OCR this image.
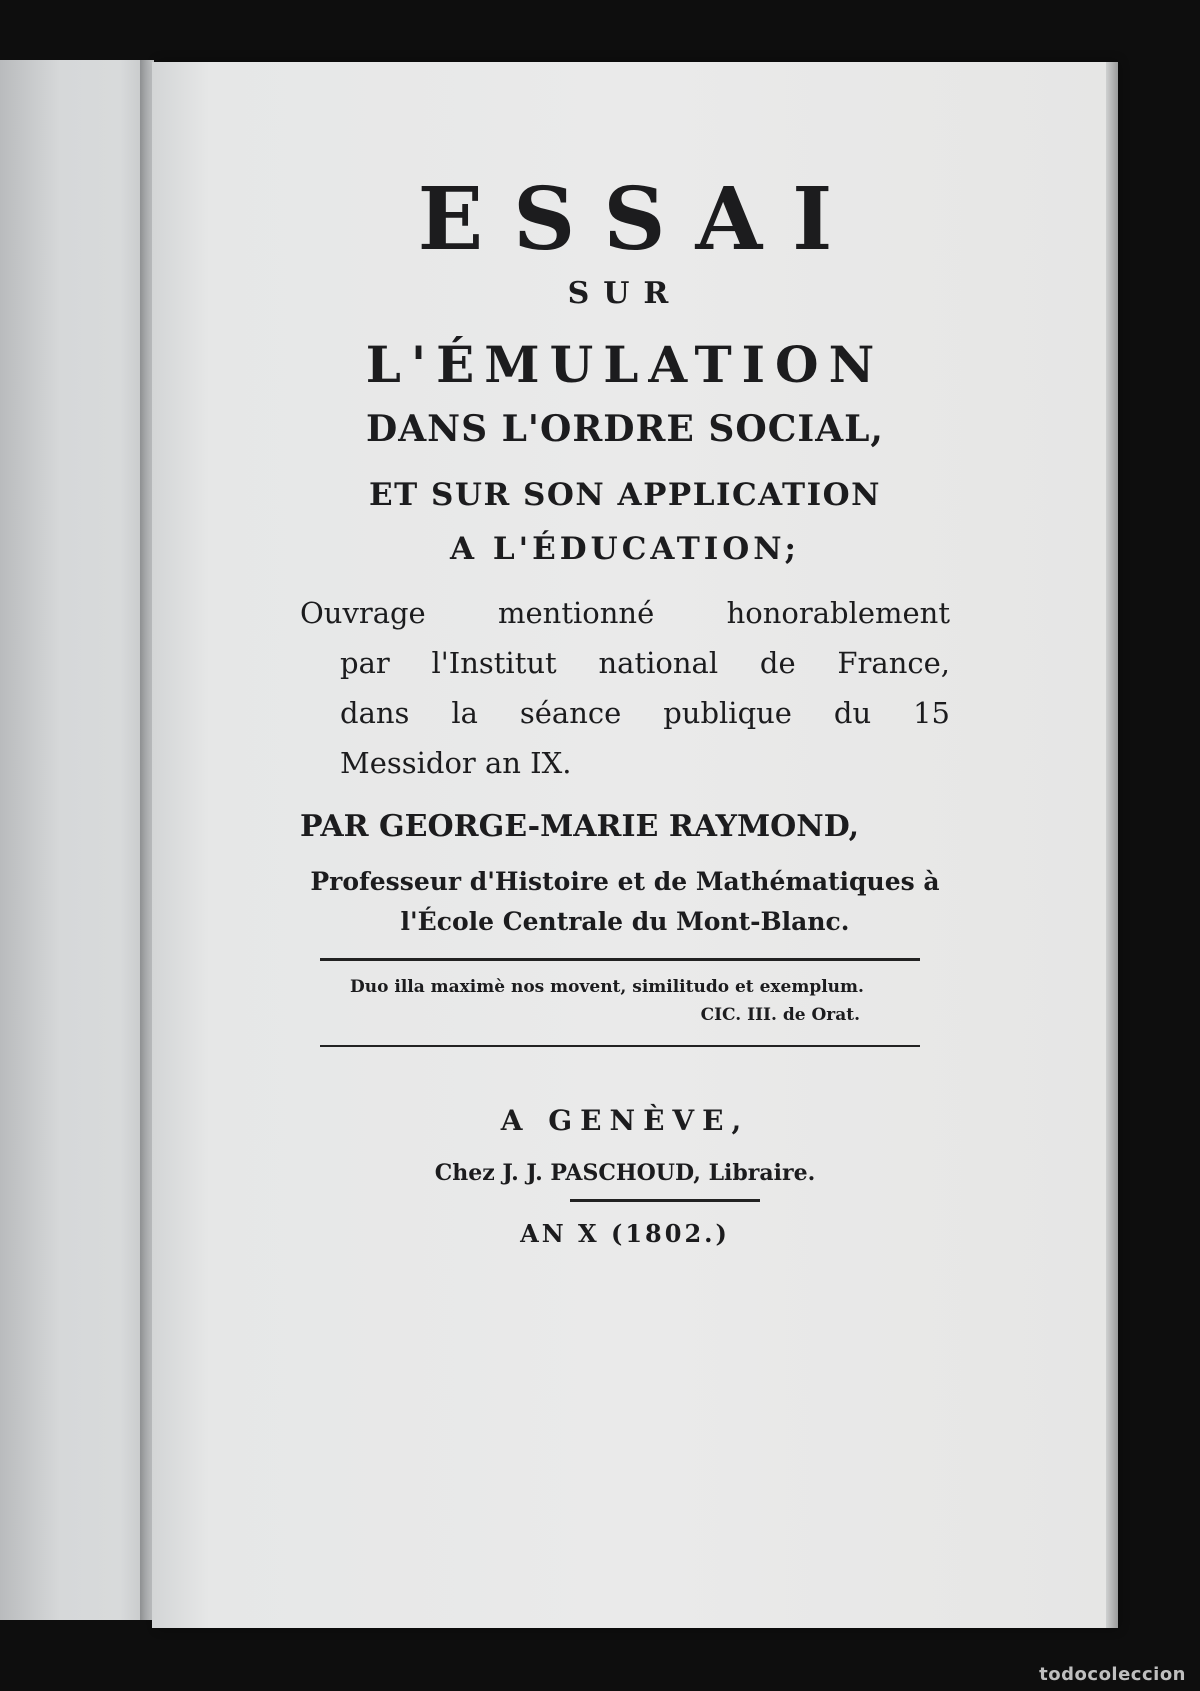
ESSAI
SUR
L'ÉMULATION
DANS L'ORDRE SOCIAL,
ET SUR SON APPLICATION
A L'ÉDUCATION;
Ouvrage mentionné honorablement
par l'Institut national de France,
dans la séance publique du 15
Messidor an IX.
PAR GEORGE-MARIE RAYMOND,
Professeur d'Histoire et de Mathématiques à
l'École Centrale du Mont-Blanc.
Duo illa maximè nos movent, similitudo et exemplum.
CIC. III. de Orat.
A GENÈVE,
Chez J. J. PASCHOUD, Libraire.
AN X (1802.)
todocoleccion
